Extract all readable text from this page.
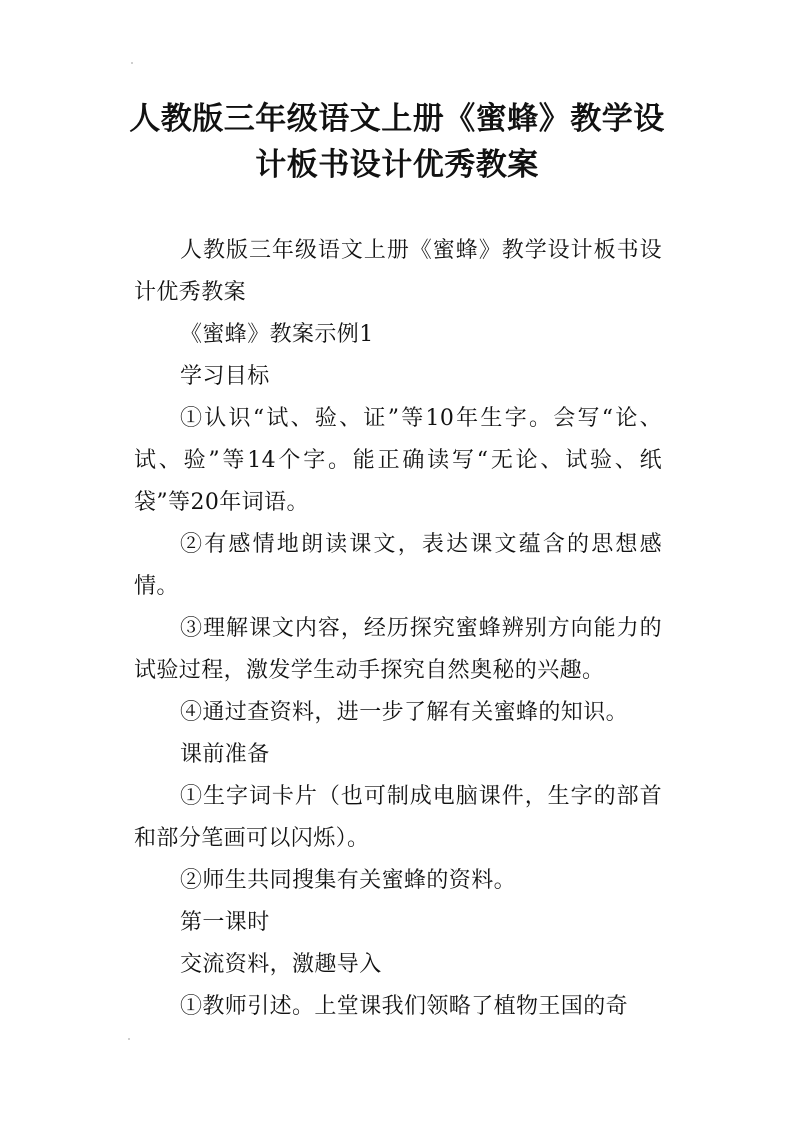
人教版三年级语文上册《蜜蜂》教学设计板书设计优秀教案

人教版三年级语文上册《蜜蜂》教学设计板书设计优秀教案

《蜜蜂》教案示例1

学习目标

①认识“试、验、证”等10年生字。会写“论、试、验”等14个字。能正确读写“无论、试验、纸袋”等20年词语。

②有感情地朗读课文，表达课文蕴含的思想感情。

③理解课文内容，经历探究蜜蜂辨别方向能力的试验过程，激发学生动手探究自然奥秘的兴趣。

④通过查资料，进一步了解有关蜜蜂的知识。

课前准备

①生字词卡片（也可制成电脑课件，生字的部首和部分笔画可以闪烁）。

②师生共同搜集有关蜜蜂的资料。

第一课时

交流资料，激趣导入

①教师引述。上堂课我们领略了植物王国的奇
